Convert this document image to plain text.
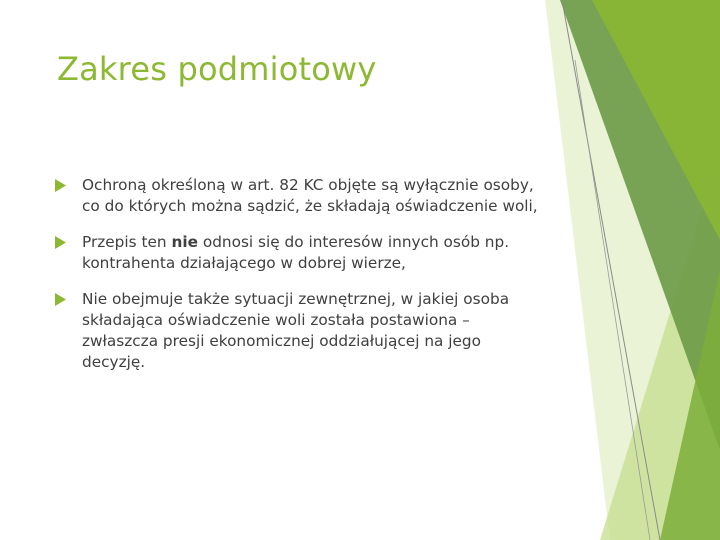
Zakres podmiotowy
Ochroną określoną w art. 82 KC objęte są wyłącznie osoby, co do których można sądzić, że składają oświadczenie woli,
Przepis ten nie odnosi się do interesów innych osób np. kontrahenta działającego w dobrej wierze,
Nie obejmuje także sytuacji zewnętrznej, w jakiej osoba składająca oświadczenie woli została postawiona – zwłaszcza presji ekonomicznej oddziałującej na jego decyzję.
